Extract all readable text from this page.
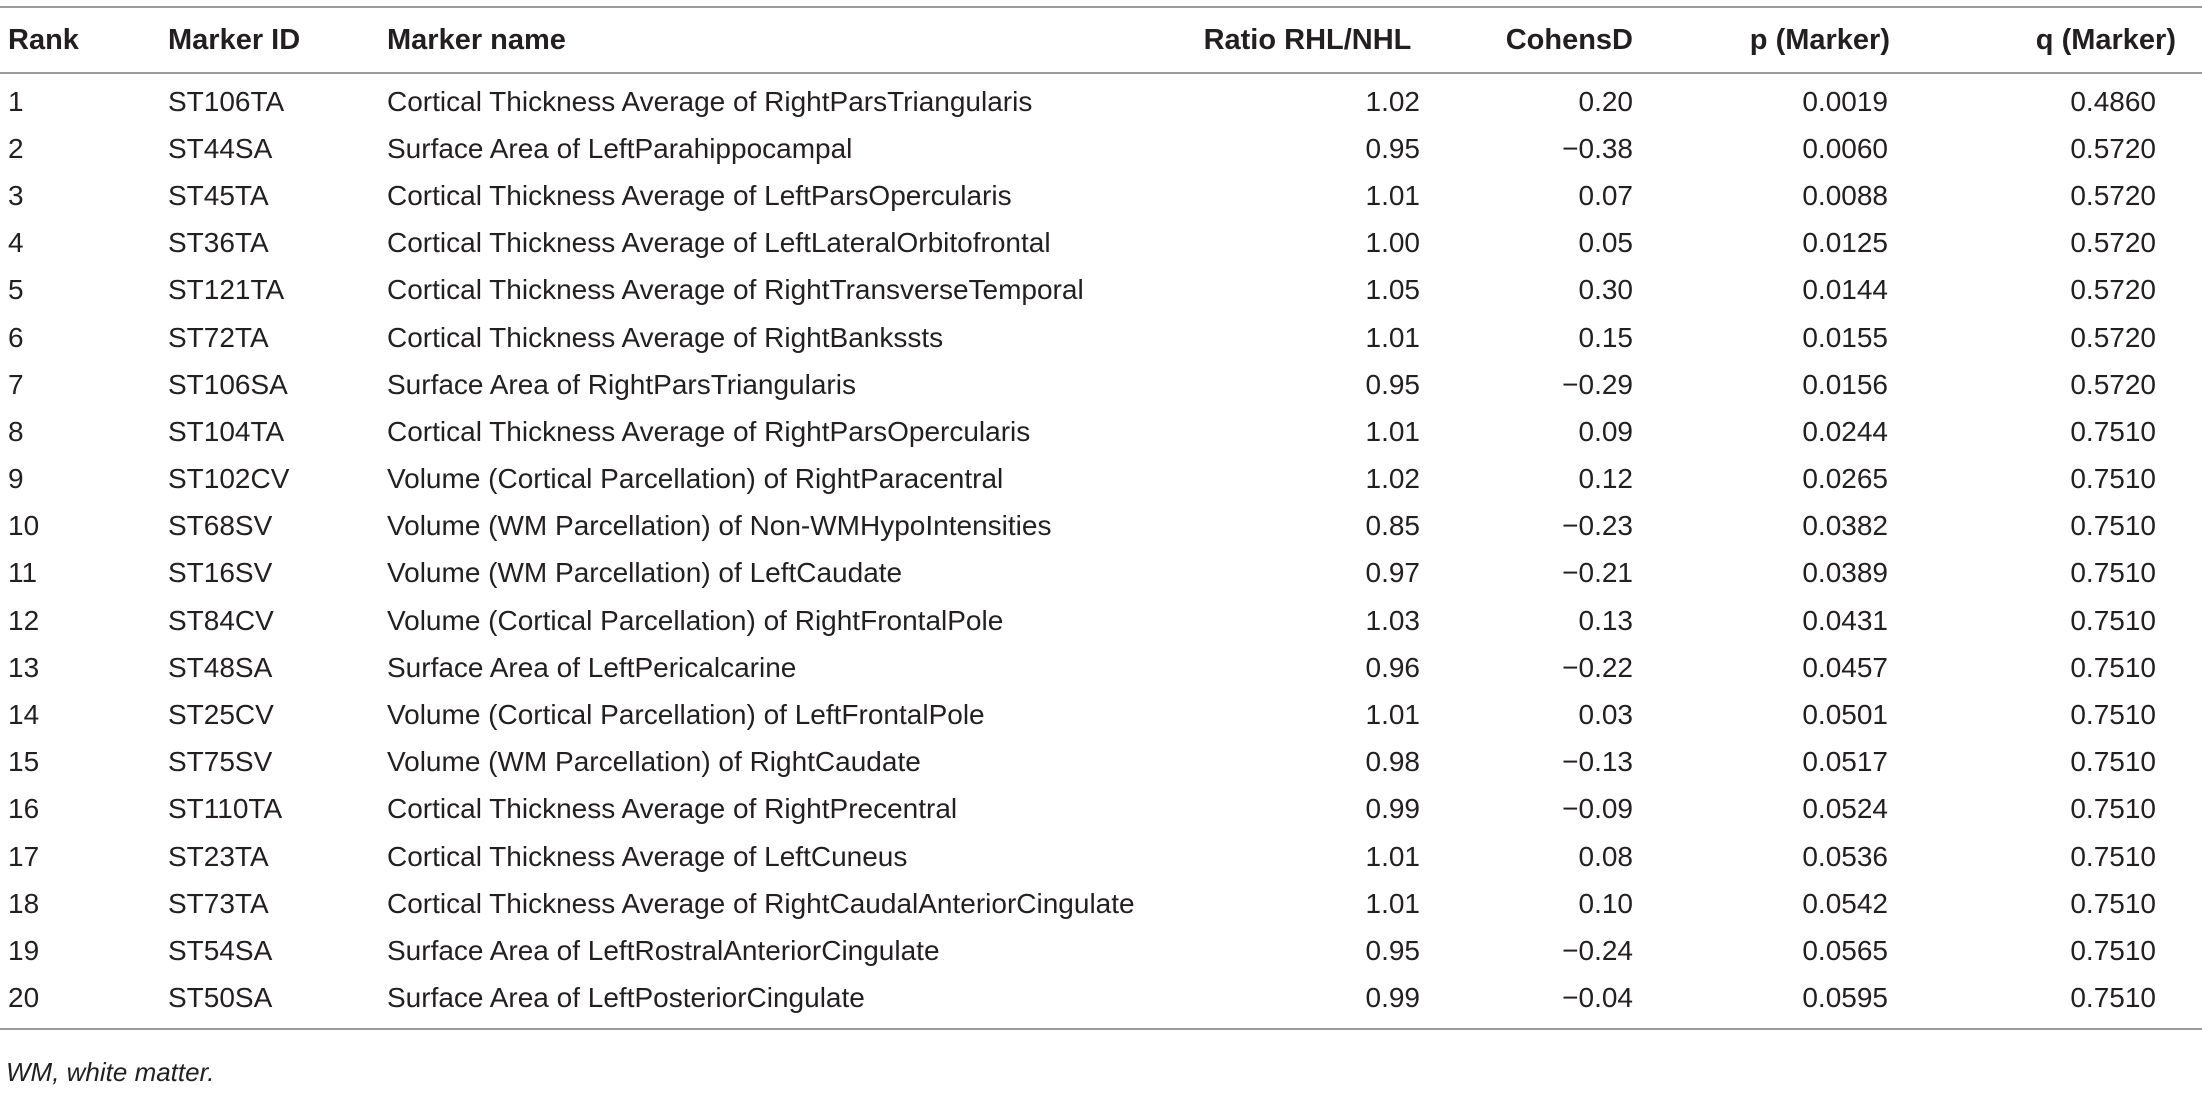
Rank	Marker ID	Marker name	Ratio RHL/NHL	CohensD	p (Marker)	q (Marker)
1	ST106TA	Cortical Thickness Average of RightParsTriangularis	1.02	0.20	0.0019	0.4860
2	ST44SA	Surface Area of LeftParahippocampal	0.95	−0.38	0.0060	0.5720
3	ST45TA	Cortical Thickness Average of LeftParsOpercularis	1.01	0.07	0.0088	0.5720
4	ST36TA	Cortical Thickness Average of LeftLateralOrbitofrontal	1.00	0.05	0.0125	0.5720
5	ST121TA	Cortical Thickness Average of RightTransverseTemporal	1.05	0.30	0.0144	0.5720
6	ST72TA	Cortical Thickness Average of RightBankssts	1.01	0.15	0.0155	0.5720
7	ST106SA	Surface Area of RightParsTriangularis	0.95	−0.29	0.0156	0.5720
8	ST104TA	Cortical Thickness Average of RightParsOpercularis	1.01	0.09	0.0244	0.7510
9	ST102CV	Volume (Cortical Parcellation) of RightParacentral	1.02	0.12	0.0265	0.7510
10	ST68SV	Volume (WM Parcellation) of Non-WMHypoIntensities	0.85	−0.23	0.0382	0.7510
11	ST16SV	Volume (WM Parcellation) of LeftCaudate	0.97	−0.21	0.0389	0.7510
12	ST84CV	Volume (Cortical Parcellation) of RightFrontalPole	1.03	0.13	0.0431	0.7510
13	ST48SA	Surface Area of LeftPericalcarine	0.96	−0.22	0.0457	0.7510
14	ST25CV	Volume (Cortical Parcellation) of LeftFrontalPole	1.01	0.03	0.0501	0.7510
15	ST75SV	Volume (WM Parcellation) of RightCaudate	0.98	−0.13	0.0517	0.7510
16	ST110TA	Cortical Thickness Average of RightPrecentral	0.99	−0.09	0.0524	0.7510
17	ST23TA	Cortical Thickness Average of LeftCuneus	1.01	0.08	0.0536	0.7510
18	ST73TA	Cortical Thickness Average of RightCaudalAnteriorCingulate	1.01	0.10	0.0542	0.7510
19	ST54SA	Surface Area of LeftRostralAnteriorCingulate	0.95	−0.24	0.0565	0.7510
20	ST50SA	Surface Area of LeftPosteriorCingulate	0.99	−0.04	0.0595	0.7510
WM, white matter.
